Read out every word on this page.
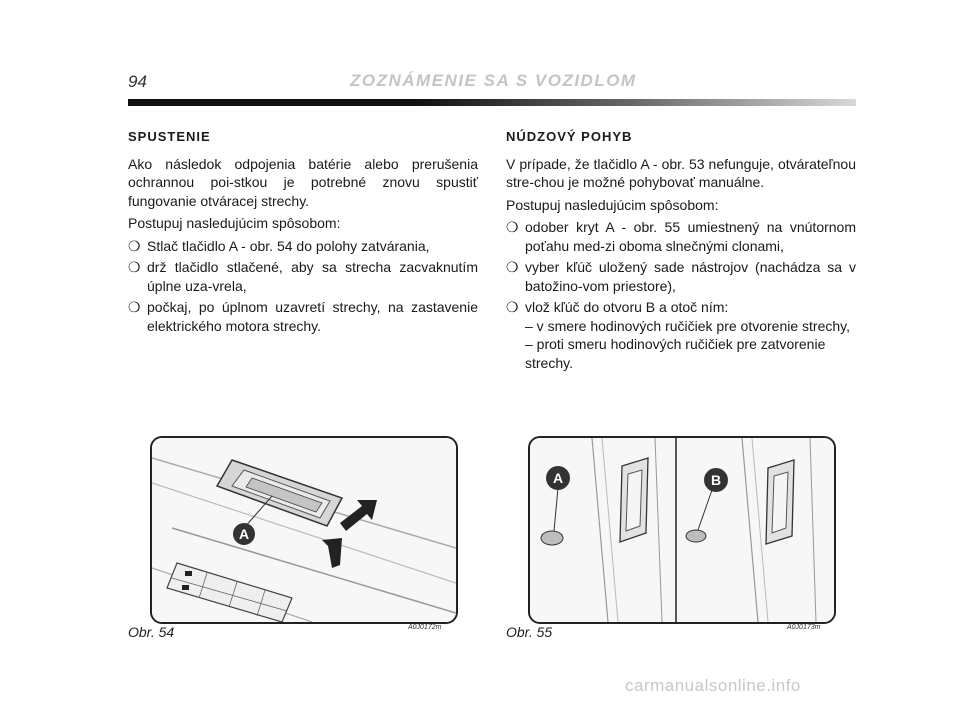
94	ZOZNÁMENIE SA S VOZIDLOM
SPUSTENIE

Ako následok odpojenia batérie alebo prerušenia ochrannou poi-stkou je potrebné znovu spustiť fungovanie otváracej strechy.

Postupuj nasledujúcim spôsobom:

❍ Stlač tlačidlo A - obr. 54 do polohy zatvárania,
❍ drž tlačidlo stlačené, aby sa strecha zacvaknutím úplne uza-vrela,
❍ počkaj, po úplnom uzavretí strechy, na zastavenie elektrického motora strechy.
NÚDZOVÝ POHYB

V prípade, že tlačidlo A - obr. 53 nefunguje, otvárateľnou stre-chou je možné pohybovať manuálne.

Postupuj nasledujúcim spôsobom:

❍ odober kryt A - obr. 55 umiestnený na vnútornom poťahu med-zi oboma slnečnými clonami,
❍ vyber kľúč uložený sade nástrojov (nachádza sa v batožino-vom priestore),
❍ vlož kľúč do otvoru B a otoč ním:
– v smere hodinových ručičiek pre otvorenie strechy,
– proti smeru hodinových ručičiek pre zatvorenie strechy.
A
Obr. 54	A0J0172m
A	B
Obr. 55	A0J0173m
carmanualsonline.info
